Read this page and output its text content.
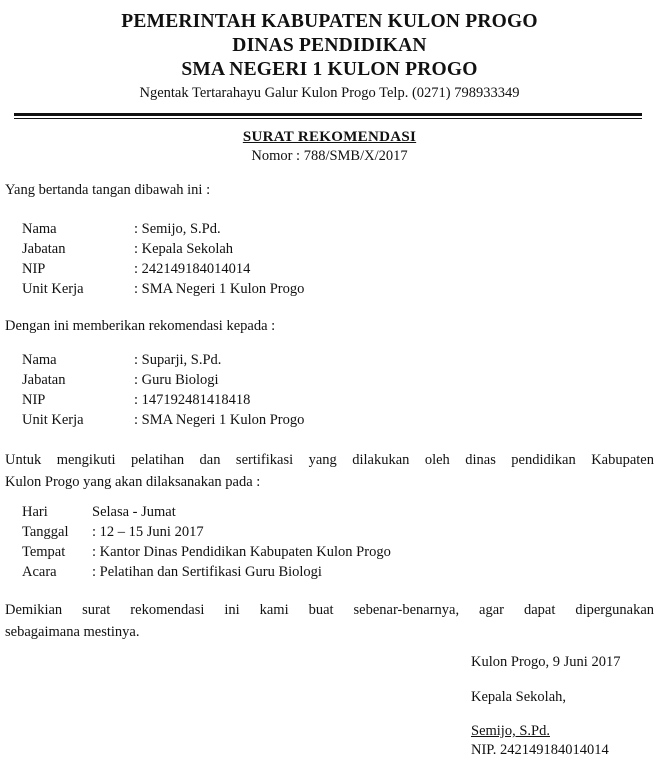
PEMERINTAH KABUPATEN KULON PROGO
DINAS PENDIDIKAN
SMA NEGERI 1 KULON PROGO
Ngentak Tertarahayu Galur Kulon Progo Telp. (0271) 798933349
SURAT REKOMENDASI
Nomor : 788/SMB/X/2017
Yang bertanda tangan dibawah ini :
Nama	: Semijo, S.Pd.
Jabatan	: Kepala Sekolah
NIP	: 242149184014014
Unit Kerja	: SMA Negeri 1 Kulon Progo
Dengan ini memberikan rekomendasi kepada :
Nama	: Suparji, S.Pd.
Jabatan	: Guru Biologi
NIP	: 147192481418418
Unit Kerja	: SMA Negeri 1 Kulon Progo
Untuk mengikuti pelatihan dan sertifikasi yang dilakukan oleh dinas pendidikan Kabupaten
Kulon Progo yang akan dilaksanakan pada :
Hari	Selasa - Jumat
Tanggal	: 12 – 15 Juni 2017
Tempat	: Kantor Dinas Pendidikan Kabupaten Kulon Progo
Acara	: Pelatihan dan Sertifikasi Guru Biologi
Demikian surat rekomendasi ini kami buat sebenar-benarnya, agar dapat dipergunakan
sebagaimana mestinya.
Kulon Progo, 9 Juni 2017
Kepala Sekolah,
Semijo, S.Pd.
NIP. 242149184014014
